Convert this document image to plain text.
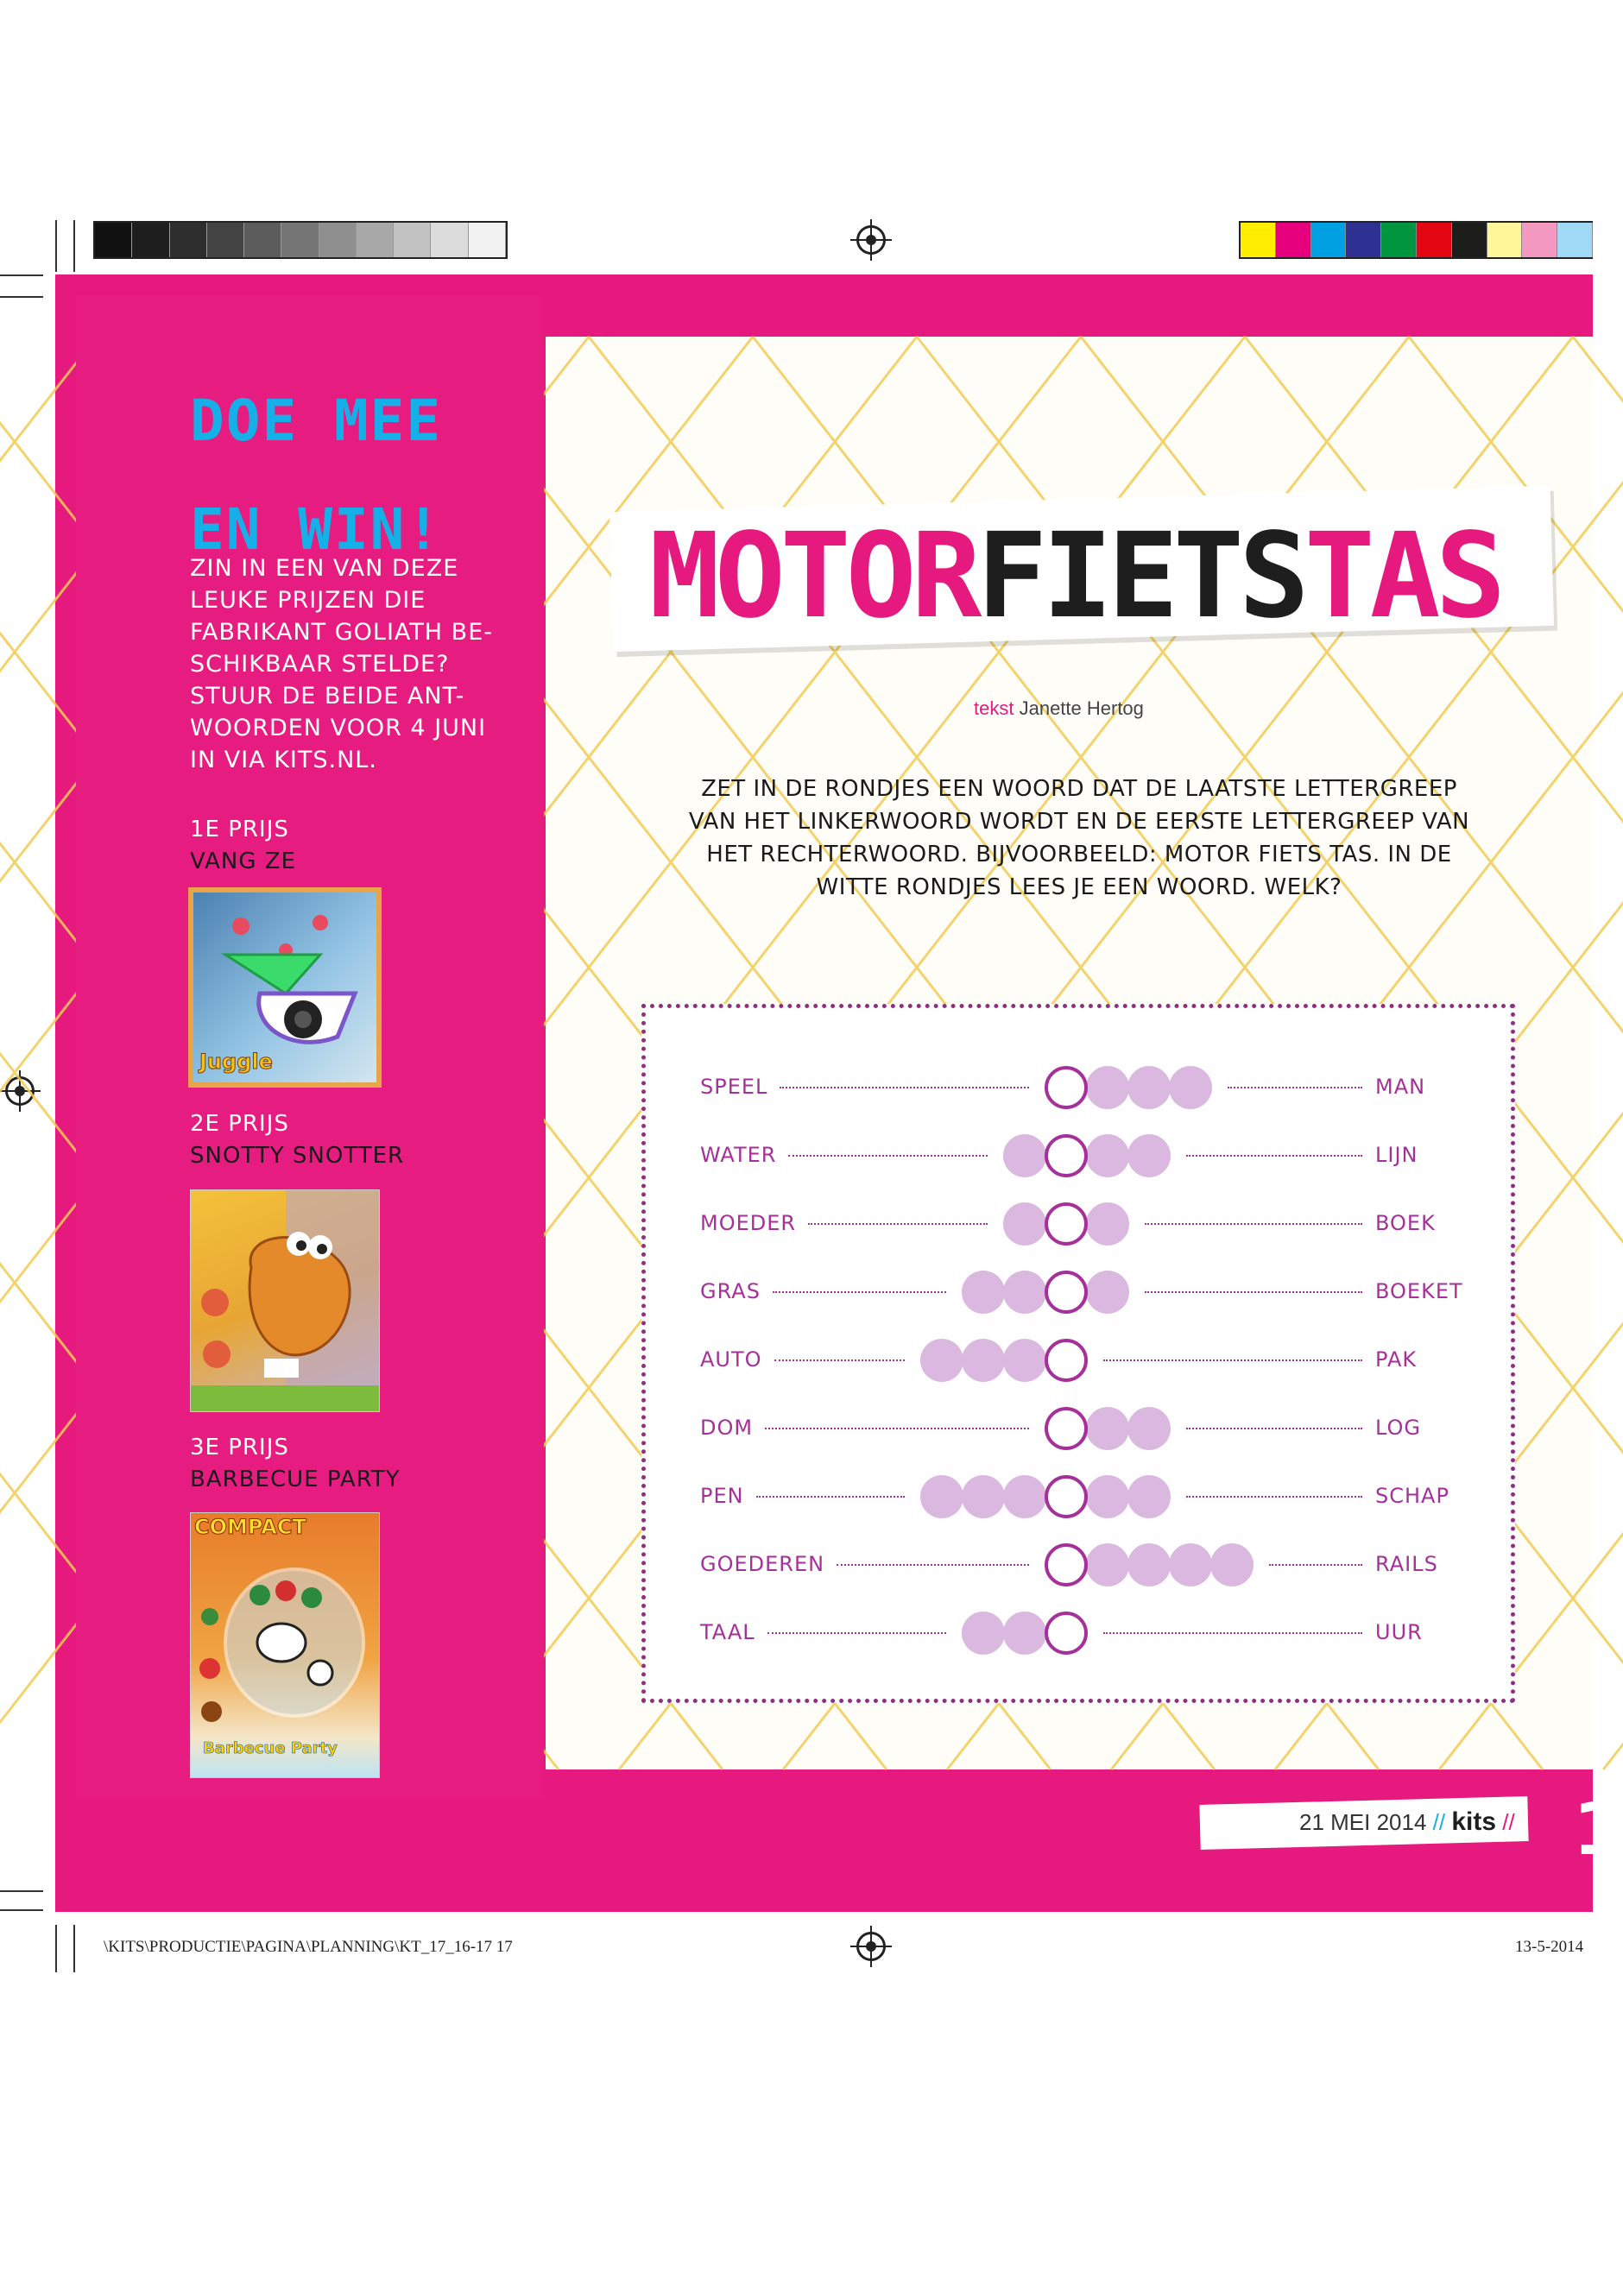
DOE MEE
EN WIN!
ZIN IN EEN VAN DEZE
LEUKE PRIJZEN DIE
FABRIKANT GOLIATH BE-
SCHIKBAAR STELDE?
STUUR DE BEIDE ANT-
WOORDEN VOOR 4 JUNI
IN VIA KITS.NL.
1E PRIJS
VANG ZE
Juggle
2E PRIJS
SNOTTY SNOTTER
3E PRIJS
BARBECUE PARTY
COMPACT
Barbecue Party
MOTORFIETSTAS
tekst Janette Hertog
ZET IN DE RONDJES EEN WOORD DAT DE LAATSTE LETTERGREEP
VAN HET LINKERWOORD WORDT EN DE EERSTE LETTERGREEP VAN
HET RECHTERWOORD. BIJVOORBEELD: MOTOR FIETS TAS. IN DE
WITTE RONDJES LEES JE EEN WOORD. WELK?
SPEEL	MAN
WATER	LIJN
MOEDER	BOEK
GRAS	BOEKET
AUTO	PAK
DOM	LOG
PEN	SCHAP
GOEDEREN	RAILS
TAAL	UUR
21 MEI 2014 // kits // 1
\KITS\PRODUCTIE\PAGINA\PLANNING\KT_17_16-17 17	13-5-2014
